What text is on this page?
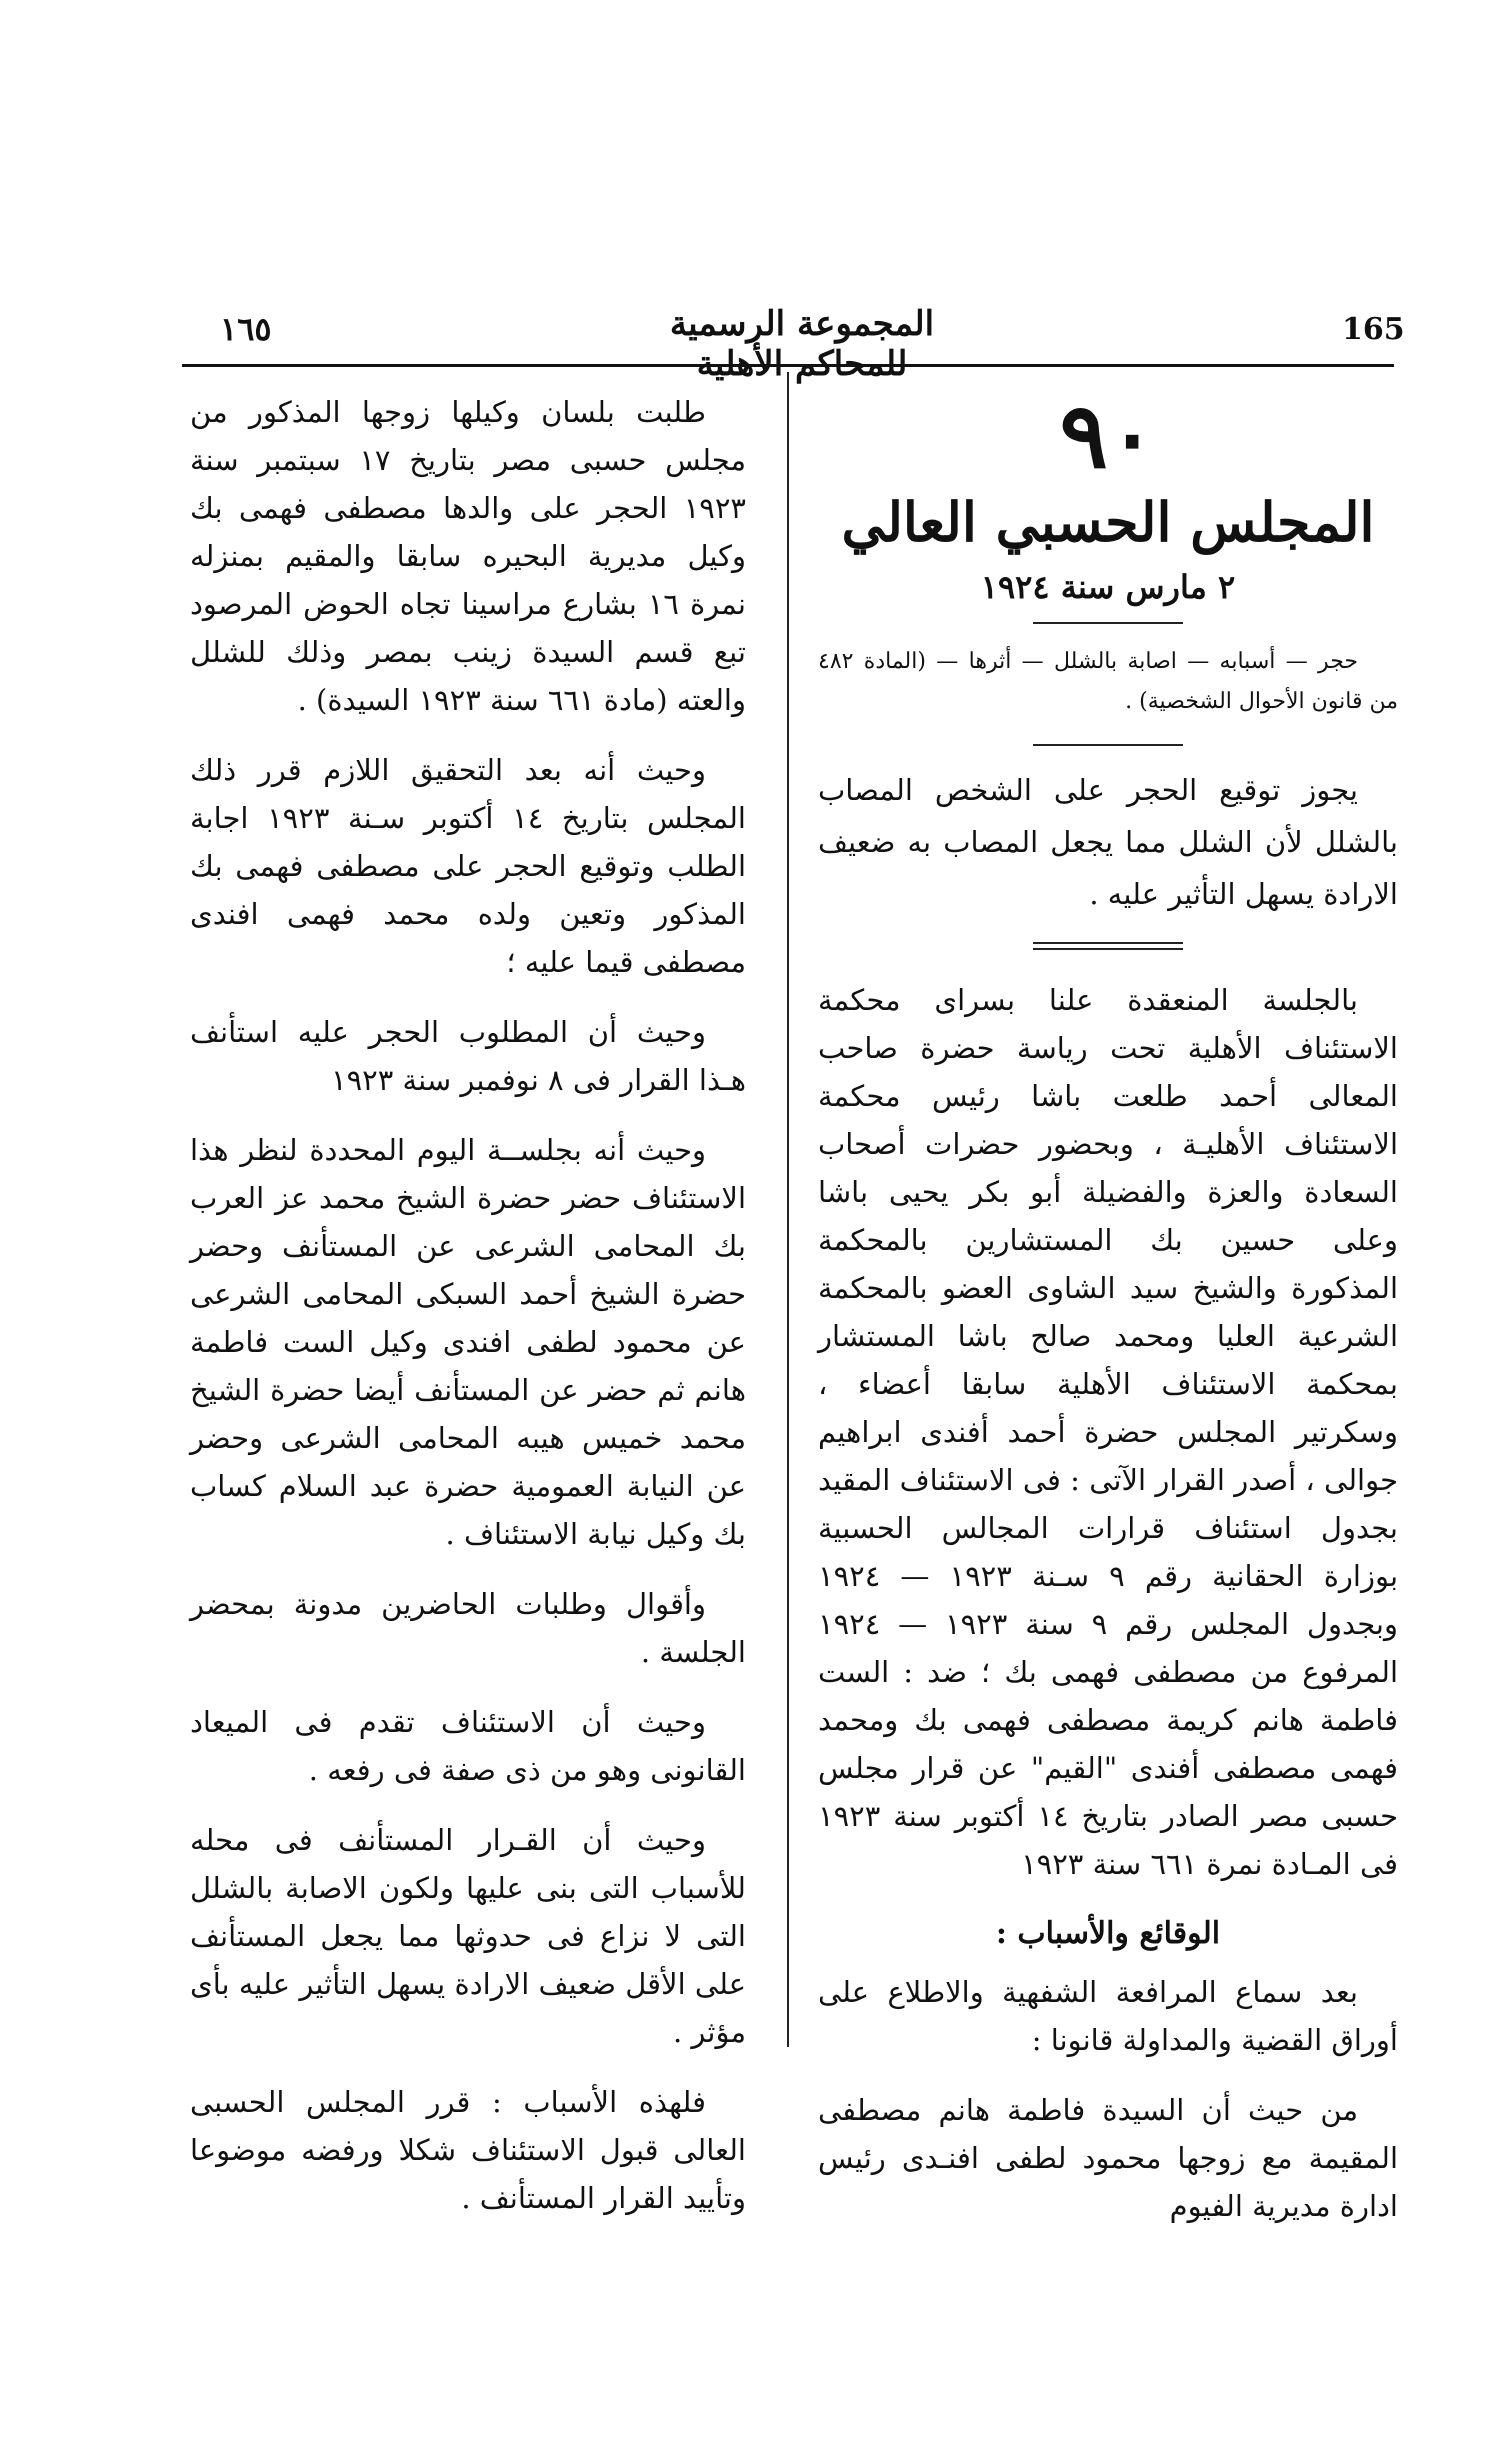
165
المجموعة الرسمية للمحاكم الأهلية
١٦٥
٩٠
المجلس الحسبي العالي
٢ مارس سنة ١٩٢٤

حجر — أسبابه — اصابة بالشلل — أثرها — (المادة ٤٨٢ من قانون الأحوال الشخصية) .

يجوز توقيع الحجر على الشخص المصاب بالشلل لأن الشلل مما يجعل المصاب به ضعيف الارادة يسهل التأثير عليه .

بالجلسة المنعقدة علنا بسراى محكمة الاستئناف الأهلية تحت رياسة حضرة صاحب المعالى أحمد طلعت باشا رئيس محكمة الاستئناف الأهليـة ، وبحضور حضرات أصحاب السعادة والعزة والفضيلة أبو بكر يحيى باشا وعلى حسين بك المستشارين بالمحكمة المذكورة والشيخ سيد الشاوى العضو بالمحكمة الشرعية العليا ومحمد صالح باشا المستشار بمحكمة الاستئناف الأهلية سابقا أعضاء ، وسكرتير المجلس حضرة أحمد أفندى ابراهيم جوالى ، أصدر القرار الآتى : فى الاستئناف المقيد بجدول استئناف قرارات المجالس الحسبية بوزارة الحقانية رقم ٩ سـنة ١٩٢٣ — ١٩٢٤ وبجدول المجلس رقم ٩ سنة ١٩٢٣ — ١٩٢٤ المرفوع من مصطفى فهمى بك ؛ ضد : الست فاطمة هانم كريمة مصطفى فهمى بك ومحمد فهمى مصطفى أفندى "القيم" عن قرار مجلس حسبى مصر الصادر بتاريخ ١٤ أكتوبر سنة ١٩٢٣ فى المـادة نمرة ٦٦١ سنة ١٩٢٣

الوقائع والأسباب :

بعد سماع المرافعة الشفهية والاطلاع على أوراق القضية والمداولة قانونا :

من حيث أن السيدة فاطمة هانم مصطفى المقيمة مع زوجها محمود لطفى افنـدى رئيس ادارة مديرية الفيوم

طلبت بلسان وكيلها زوجها المذكور من مجلس حسبى مصر بتاريخ ١٧ سبتمبر سنة ١٩٢٣ الحجر على والدها مصطفى فهمى بك وكيل مديرية البحيره سابقا والمقيم بمنزله نمرة ١٦ بشارع مراسينا تجاه الحوض المرصود تبع قسم السيدة زينب بمصر وذلك للشلل والعته (مادة ٦٦١ سنة ١٩٢٣ السيدة) .

وحيث أنه بعد التحقيق اللازم قرر ذلك المجلس بتاريخ ١٤ أكتوبر سـنة ١٩٢٣ اجابة الطلب وتوقيع الحجر على مصطفى فهمى بك المذكور وتعين ولده محمد فهمى افندى مصطفى قيما عليه ؛

وحيث أن المطلوب الحجر عليه استأنف هـذا القرار فى ٨ نوفمبر سنة ١٩٢٣

وحيث أنه بجلســة اليوم المحددة لنظر هذا الاستئناف حضر حضرة الشيخ محمد عز العرب بك المحامى الشرعى عن المستأنف وحضر حضرة الشيخ أحمد السبكى المحامى الشرعى عن محمود لطفى افندى وكيل الست فاطمة هانم ثم حضر عن المستأنف أيضا حضرة الشيخ محمد خميس هيبه المحامى الشرعى وحضر عن النيابة العمومية حضرة عبد السلام كساب بك وكيل نيابة الاستئناف .

وأقوال وطلبات الحاضرين مدونة بمحضر الجلسة .

وحيث أن الاستئناف تقدم فى الميعاد القانونى وهو من ذى صفة فى رفعه .

وحيث أن القـرار المستأنف فى محله للأسباب التى بنى عليها ولكون الاصابة بالشلل التى لا نزاع فى حدوثها مما يجعل المستأنف على الأقل ضعيف الارادة يسهل التأثير عليه بأى مؤثر .

فلهذه الأسباب : قرر المجلس الحسبى العالى قبول الاستئناف شكلا ورفضه موضوعا وتأييد القرار المستأنف .
